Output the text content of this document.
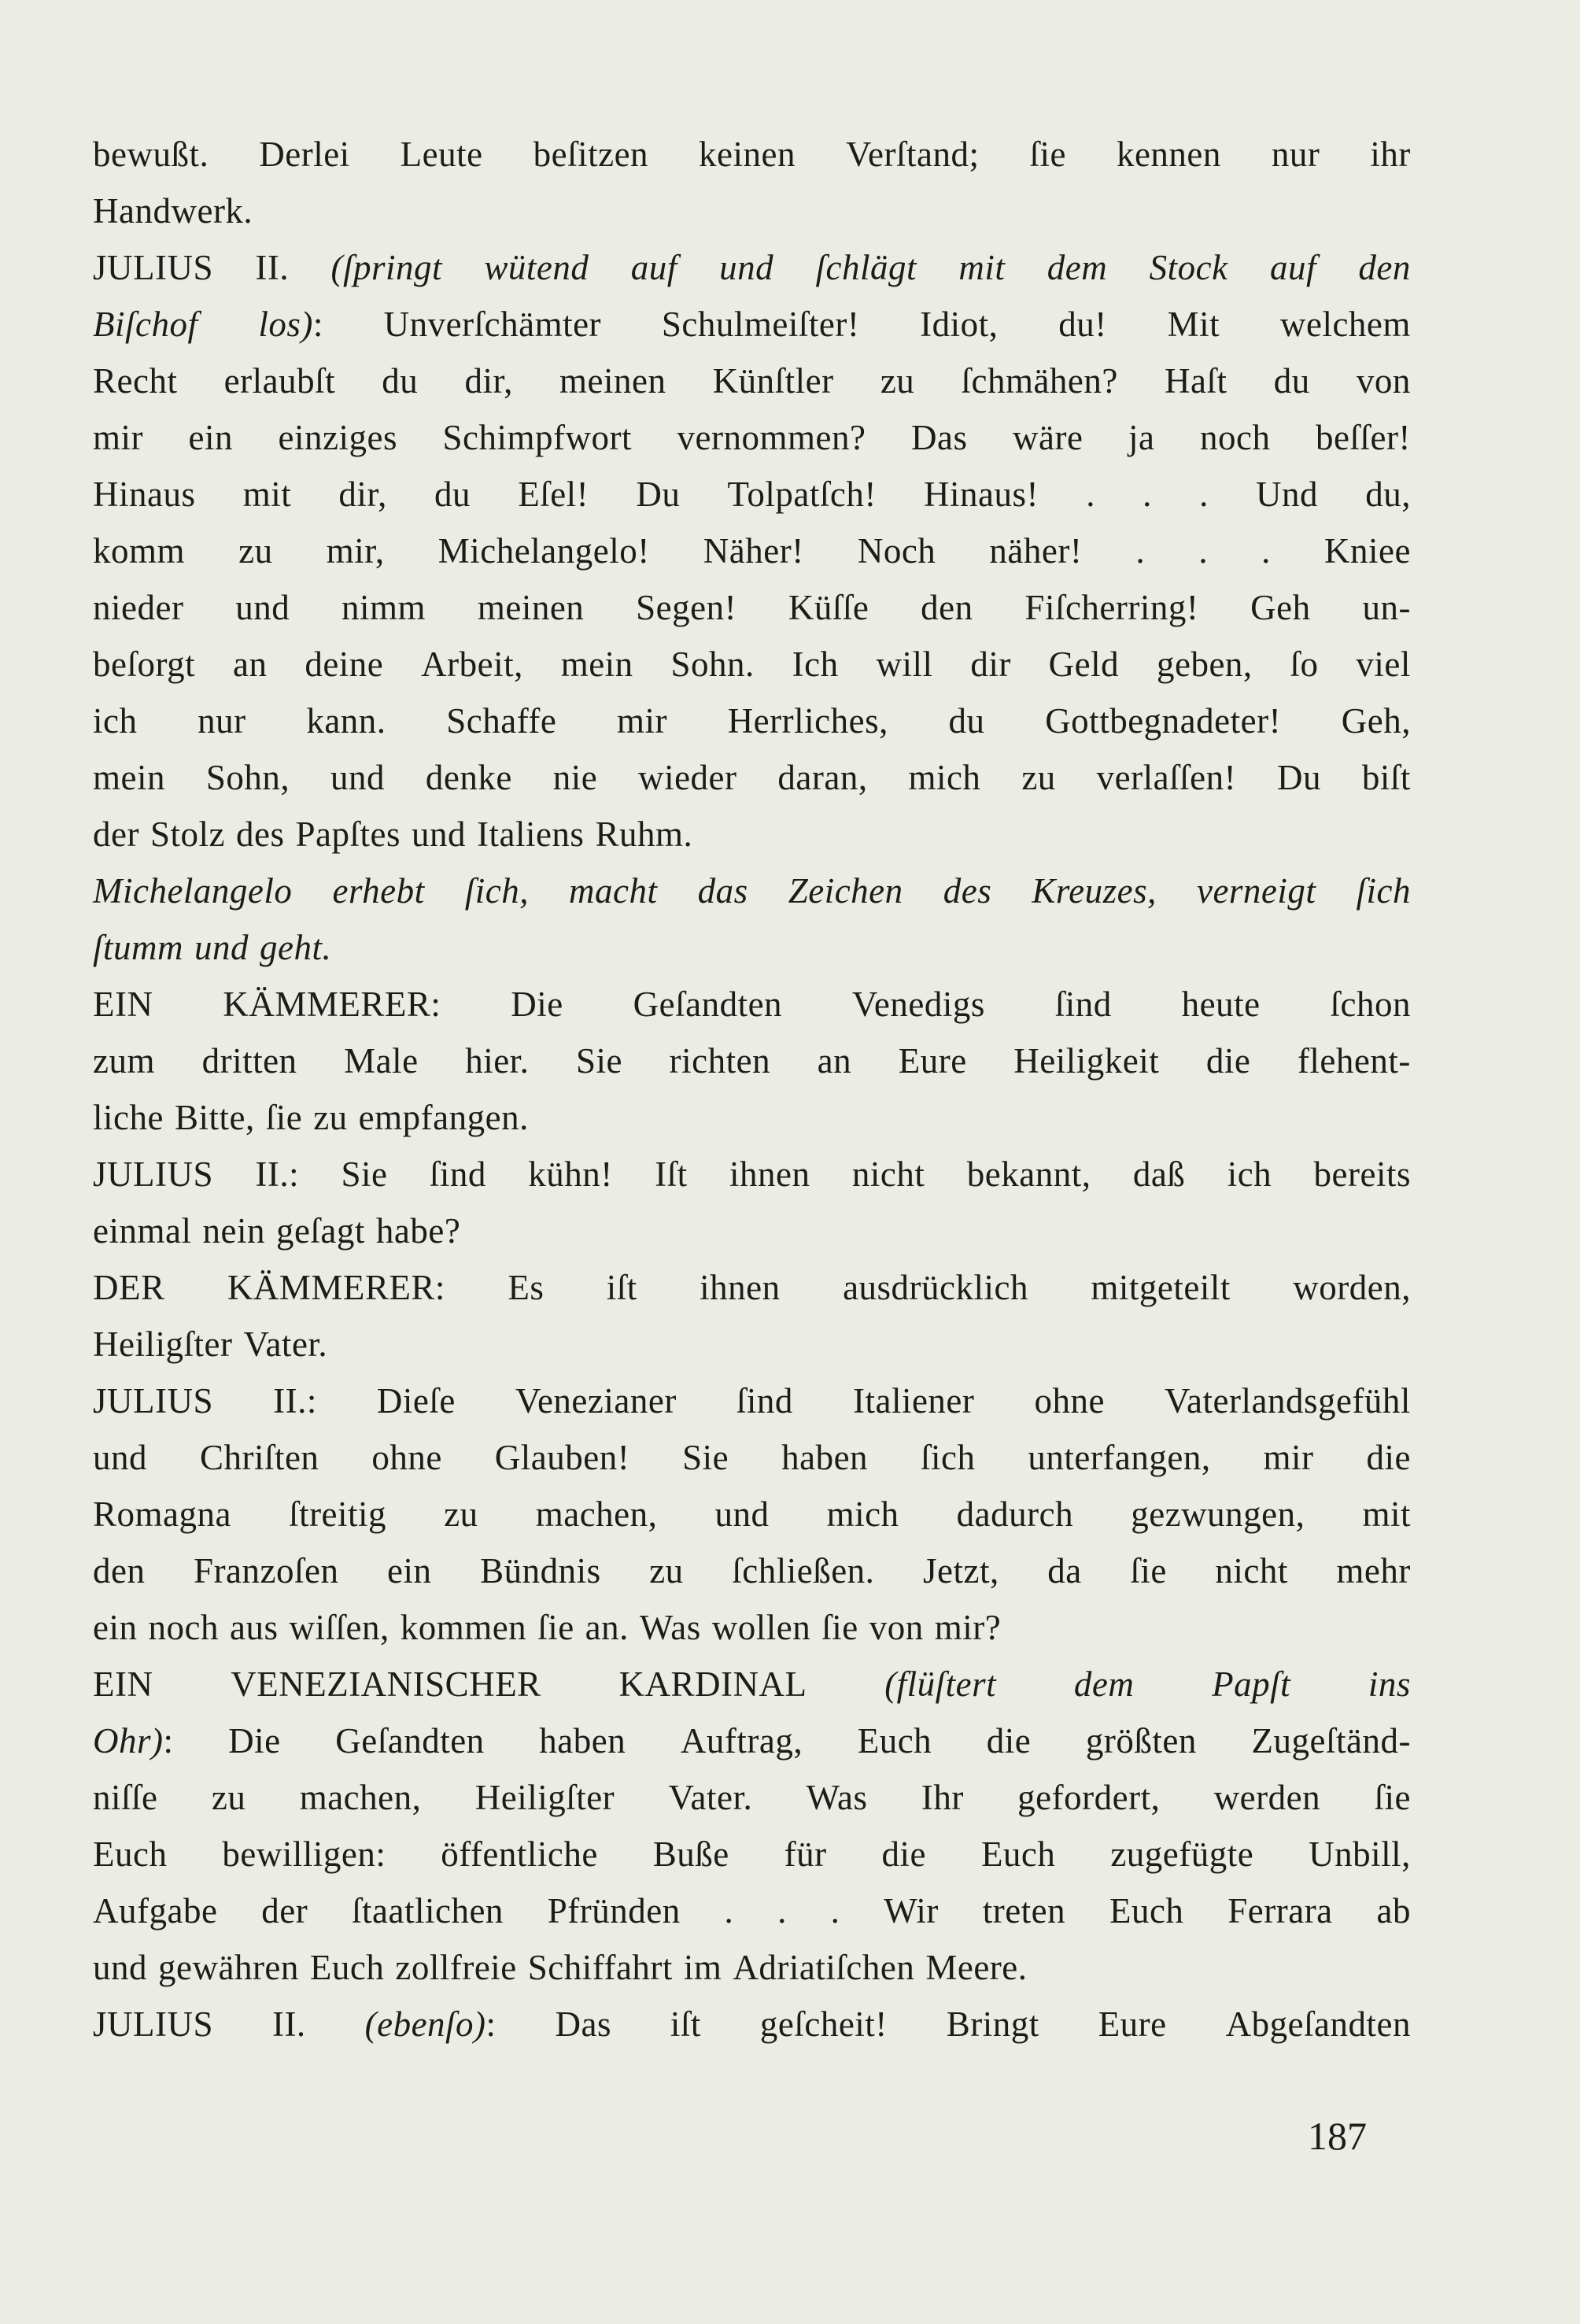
bewußt. Derlei Leute beſitzen keinen Verſtand; ſie kennen nur ihr
Handwerk.
JULIUS II. (ſpringt wütend auf und ſchlägt mit dem Stock auf den
Biſchof los): Unverſchämter Schulmeiſter! Idiot, du! Mit welchem
Recht erlaubſt du dir, meinen Künſtler zu ſchmähen? Haſt du von
mir ein einziges Schimpfwort vernommen? Das wäre ja noch beſſer!
Hinaus mit dir, du Eſel! Du Tolpatſch! Hinaus! . . . Und du,
komm zu mir, Michelangelo! Näher! Noch näher! . . . Kniee
nieder und nimm meinen Segen! Küſſe den Fiſcherring! Geh un-
beſorgt an deine Arbeit, mein Sohn. Ich will dir Geld geben, ſo viel
ich nur kann. Schaffe mir Herrliches, du Gottbegnadeter! Geh,
mein Sohn, und denke nie wieder daran, mich zu verlaſſen! Du biſt
der Stolz des Papſtes und Italiens Ruhm.
Michelangelo erhebt ſich, macht das Zeichen des Kreuzes, verneigt ſich
ſtumm und geht.
EIN KÄMMERER: Die Geſandten Venedigs ſind heute ſchon
zum dritten Male hier. Sie richten an Eure Heiligkeit die flehent-
liche Bitte, ſie zu empfangen.
JULIUS II.: Sie ſind kühn! Iſt ihnen nicht bekannt, daß ich bereits
einmal nein geſagt habe?
DER KÄMMERER: Es iſt ihnen ausdrücklich mitgeteilt worden,
Heiligſter Vater.
JULIUS II.: Dieſe Venezianer ſind Italiener ohne Vaterlandsgefühl
und Chriſten ohne Glauben! Sie haben ſich unterfangen, mir die
Romagna ſtreitig zu machen, und mich dadurch gezwungen, mit
den Franzoſen ein Bündnis zu ſchließen. Jetzt, da ſie nicht mehr
ein noch aus wiſſen, kommen ſie an. Was wollen ſie von mir?
EIN VENEZIANISCHER KARDINAL (flüſtert dem Papſt ins
Ohr): Die Geſandten haben Auftrag, Euch die größten Zugeſtänd-
niſſe zu machen, Heiligſter Vater. Was Ihr gefordert, werden ſie
Euch bewilligen: öffentliche Buße für die Euch zugefügte Unbill,
Aufgabe der ſtaatlichen Pfründen . . . Wir treten Euch Ferrara ab
und gewähren Euch zollfreie Schiffahrt im Adriatiſchen Meere.
JULIUS II. (ebenſo): Das iſt geſcheit! Bringt Eure Abgeſandten
187
